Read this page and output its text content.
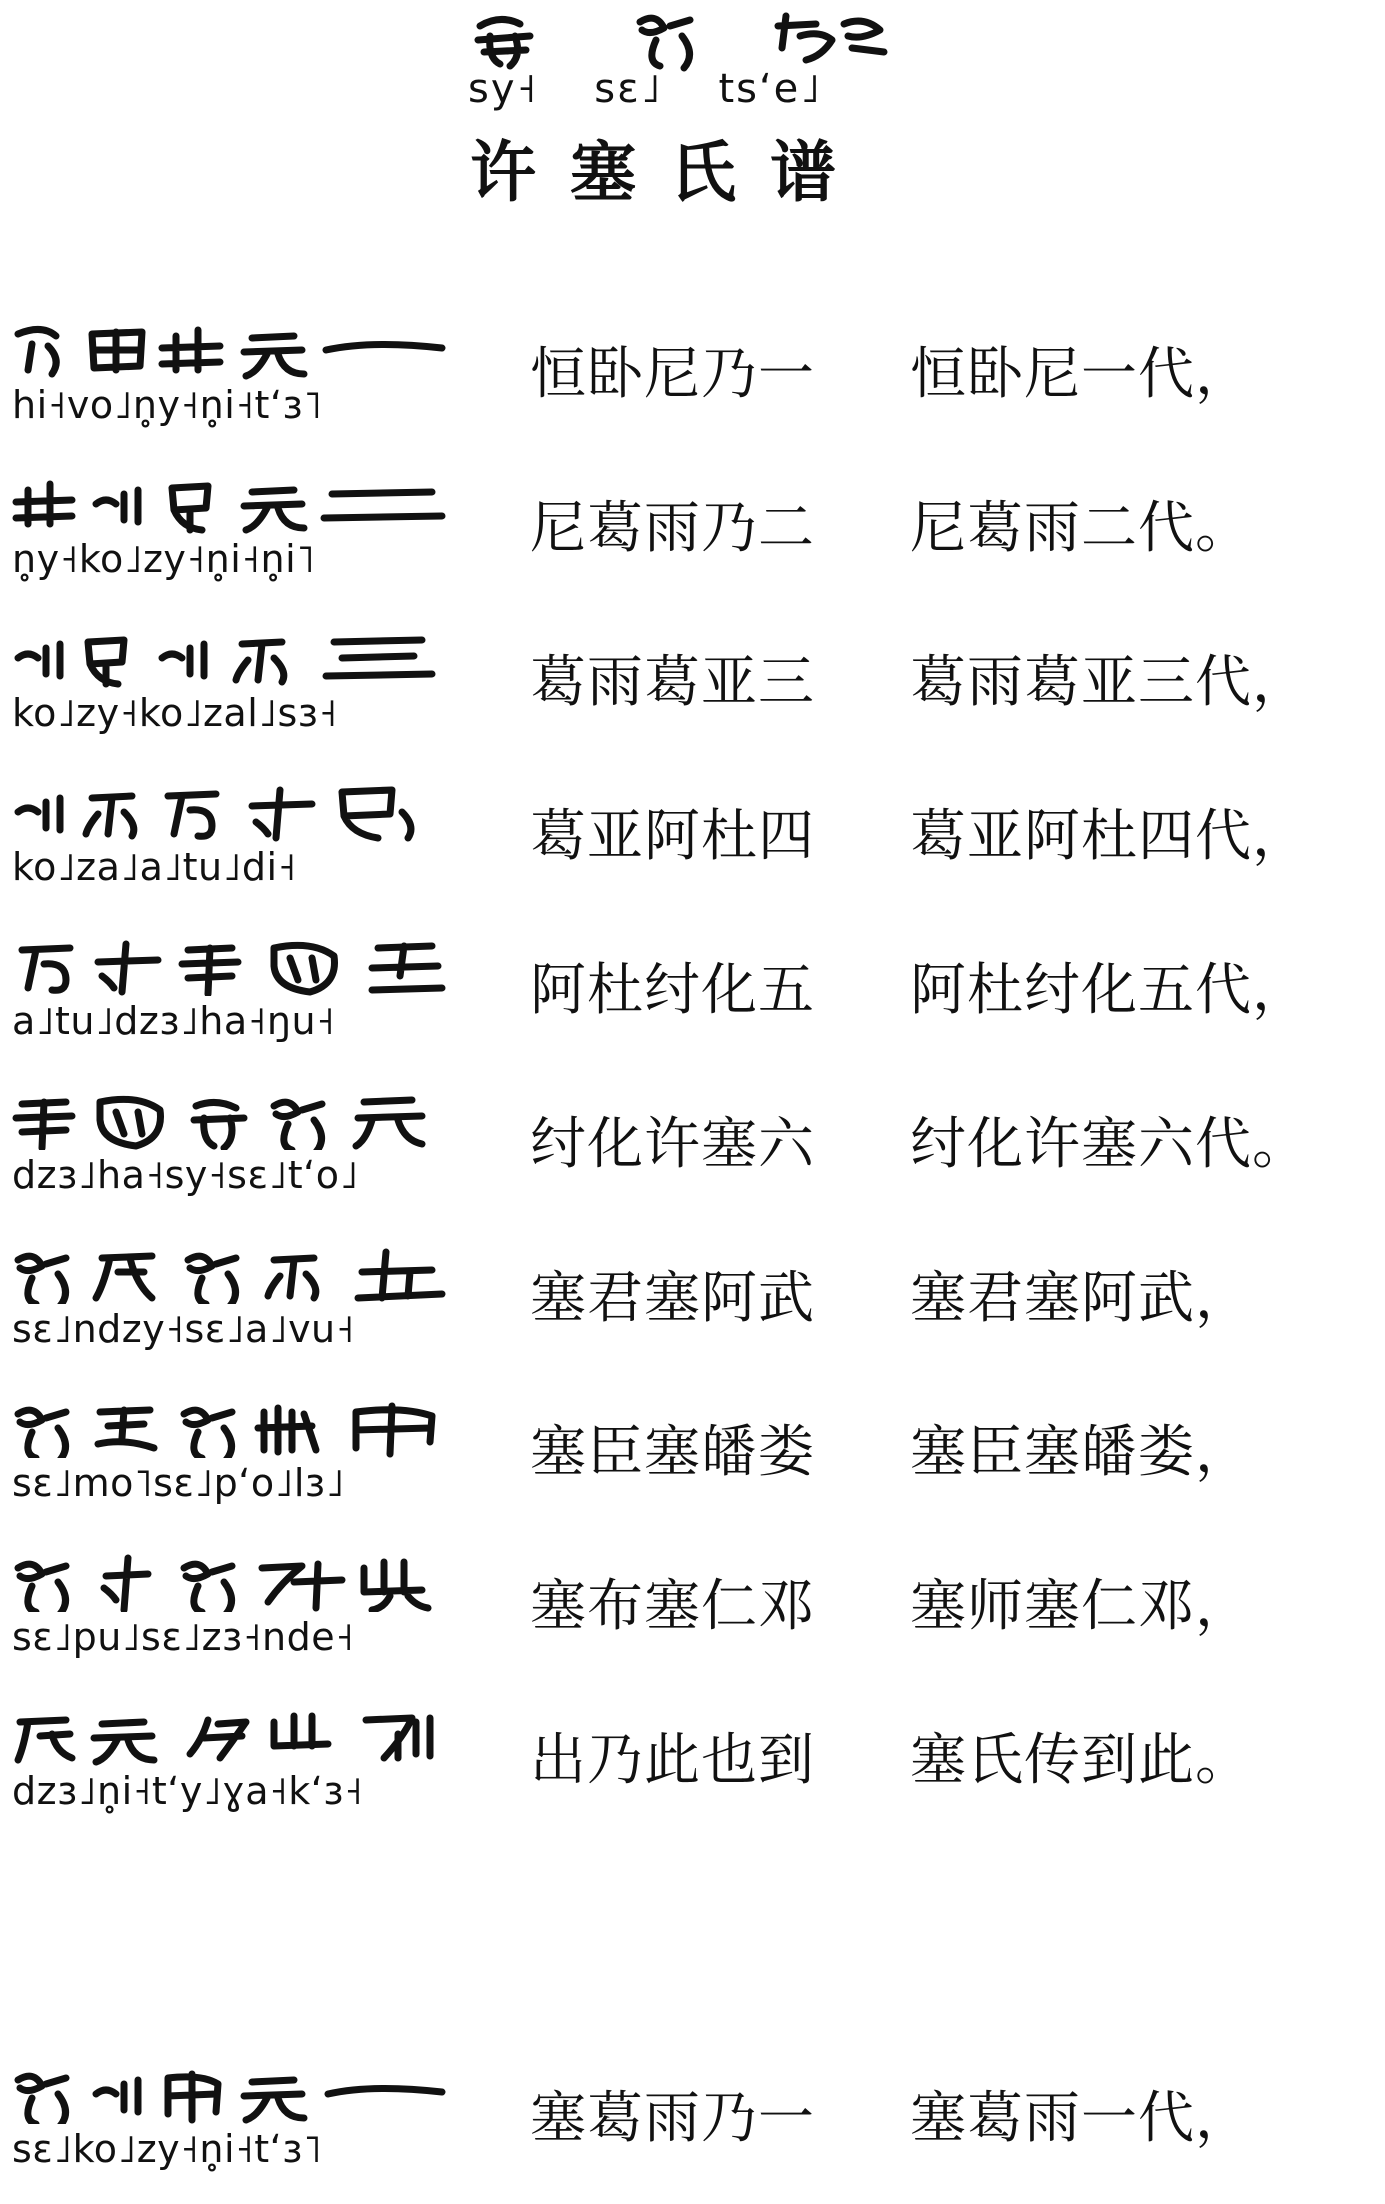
sy˧ sɛ˩ tsʻe˩
许塞氏谱
hi˧vo˩n̥y˧n̥i˧tʻɜ˥	恒卧尼乃一 恒卧尼一代，
n̥y˧ko˩zy˧n̥i˧n̥i˥	尼葛雨乃二 尼葛雨二代。
ko˩zy˧ko˩zal˩sɜ˧	葛雨葛亚三 葛雨葛亚三代，
ko˩za˩a˩tu˩di˧	葛亚阿杜四 葛亚阿杜四代，
a˩tu˩dzɜ˩ha˧ŋu˧	阿杜纣化五 阿杜纣化五代，
dzɜ˩ha˧sy˧sɛ˩tʻo˩	纣化许塞六 纣化许塞六代。
sɛ˩ndzy˧sɛ˩a˩vu˧	塞君塞阿武 塞君塞阿武，
sɛ˩mo˥sɛ˩pʻo˩lɜ˩	塞臣塞皤娄 塞臣塞皤娄，
sɛ˩pu˩sɛ˩zɜ˧nde˧	塞布塞仁邓 塞师塞仁邓，
dzɜ˩n̥i˧tʻy˩ɣa˧kʻɜ˧	出乃此也到 塞氏传到此。
sɛ˩ko˩zy˧n̥i˧tʻɜ˥	塞葛雨乃一 塞葛雨一代，
